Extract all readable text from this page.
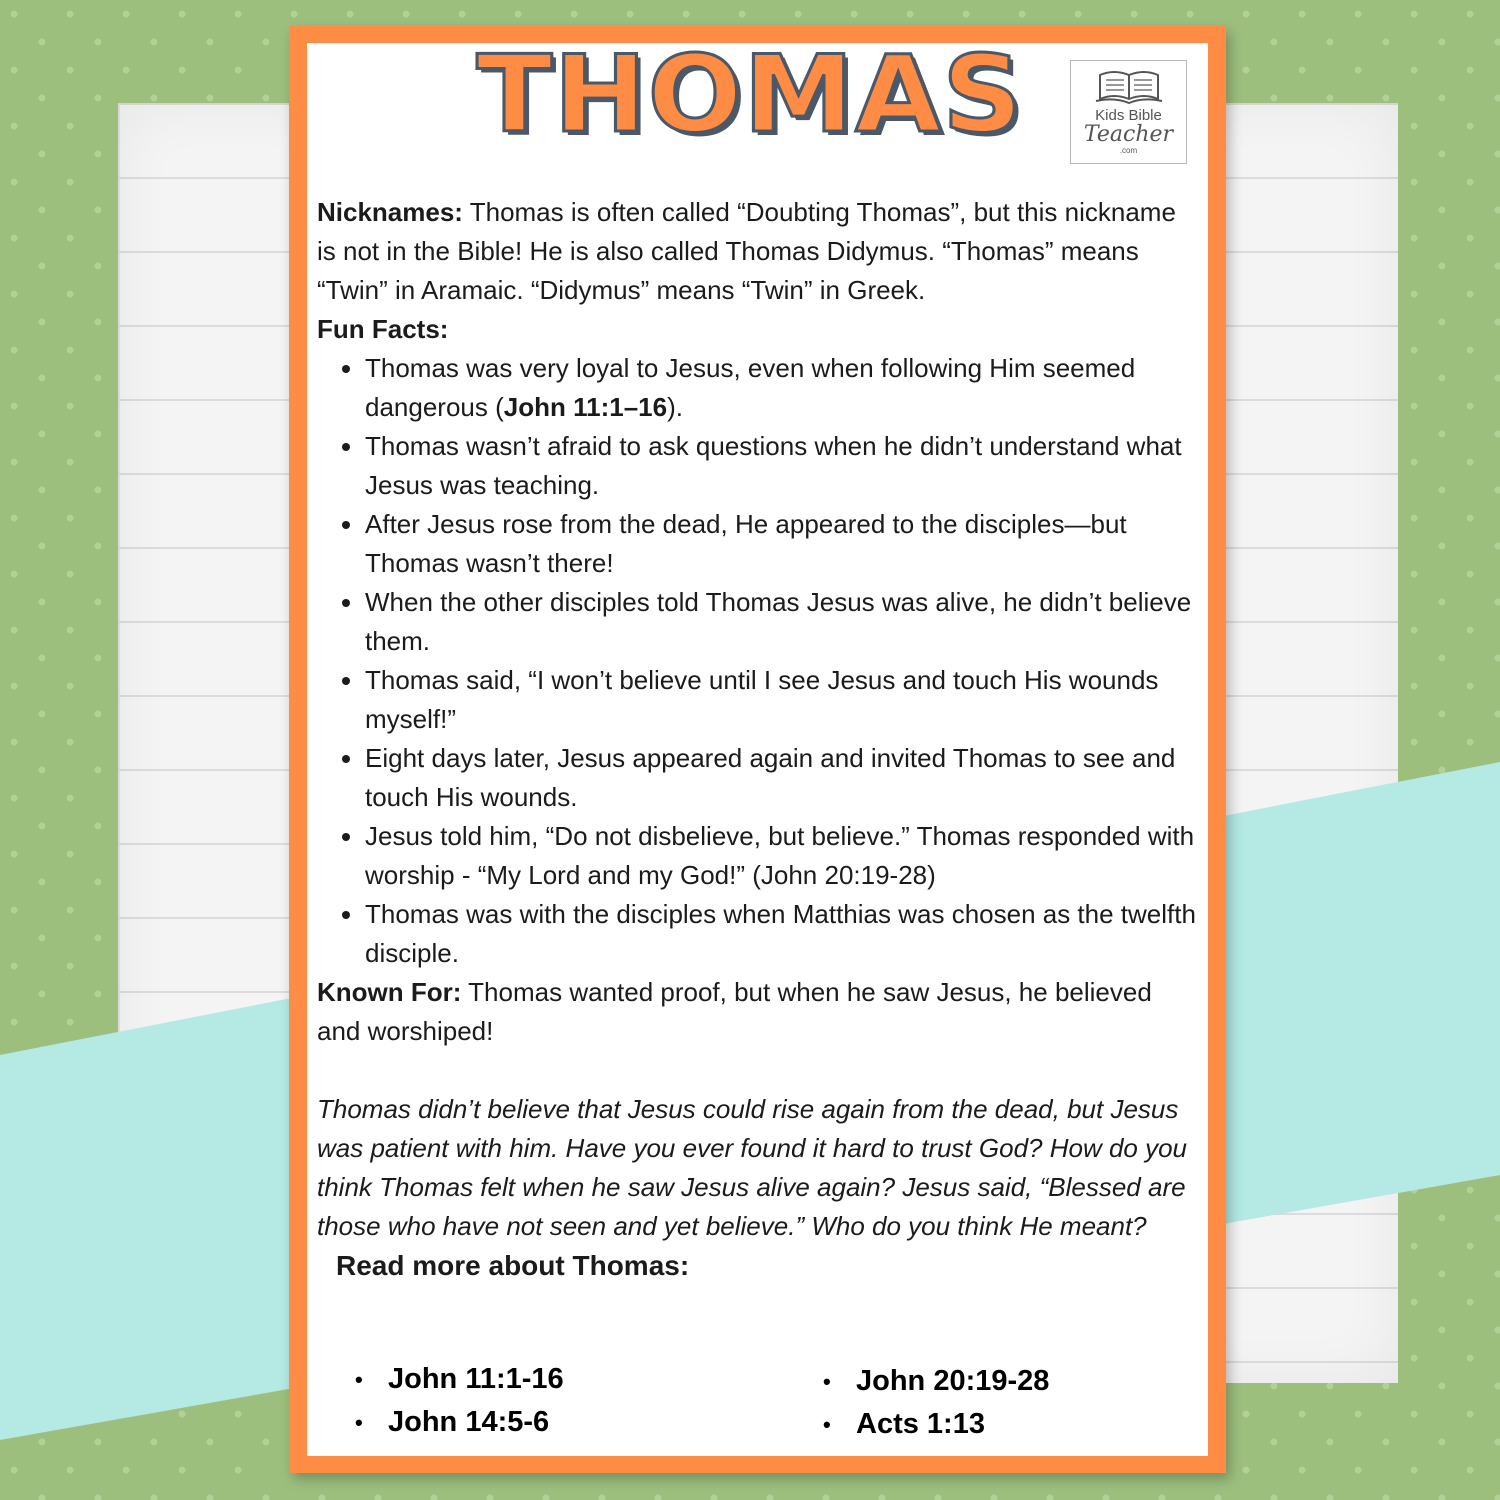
THOMAS	Kids Bible
Teacher
.com

Nicknames: Thomas is often called “Doubting Thomas”, but this nickname is not in the Bible! He is also called Thomas Didymus. “Thomas” means “Twin” in Aramaic. “Didymus” means “Twin” in Greek.

Fun Facts:

• Thomas was very loyal to Jesus, even when following Him seemed dangerous (John 11:1–16).
• Thomas wasn’t afraid to ask questions when he didn’t understand what Jesus was teaching.
• After Jesus rose from the dead, He appeared to the disciples—but Thomas wasn’t there!
• When the other disciples told Thomas Jesus was alive, he didn’t believe them.
• Thomas said, “I won’t believe until I see Jesus and touch His wounds myself!”
• Eight days later, Jesus appeared again and invited Thomas to see and touch His wounds.
• Jesus told him, “Do not disbelieve, but believe.” Thomas responded with worship - “My Lord and my God!” (John 20:19-28)
• Thomas was with the disciples when Matthias was chosen as the twelfth disciple.

Known For: Thomas wanted proof, but when he saw Jesus, he believed and worshiped!

Thomas didn’t believe that Jesus could rise again from the dead, but Jesus was patient with him. Have you ever found it hard to trust God? How do you think Thomas felt when he saw Jesus alive again? Jesus said, “Blessed are those who have not seen and yet believe.” Who do you think He meant?

Read more about Thomas:
• John 11:1-16
• John 14:5-6
• John 20:19-28
• Acts 1:13
